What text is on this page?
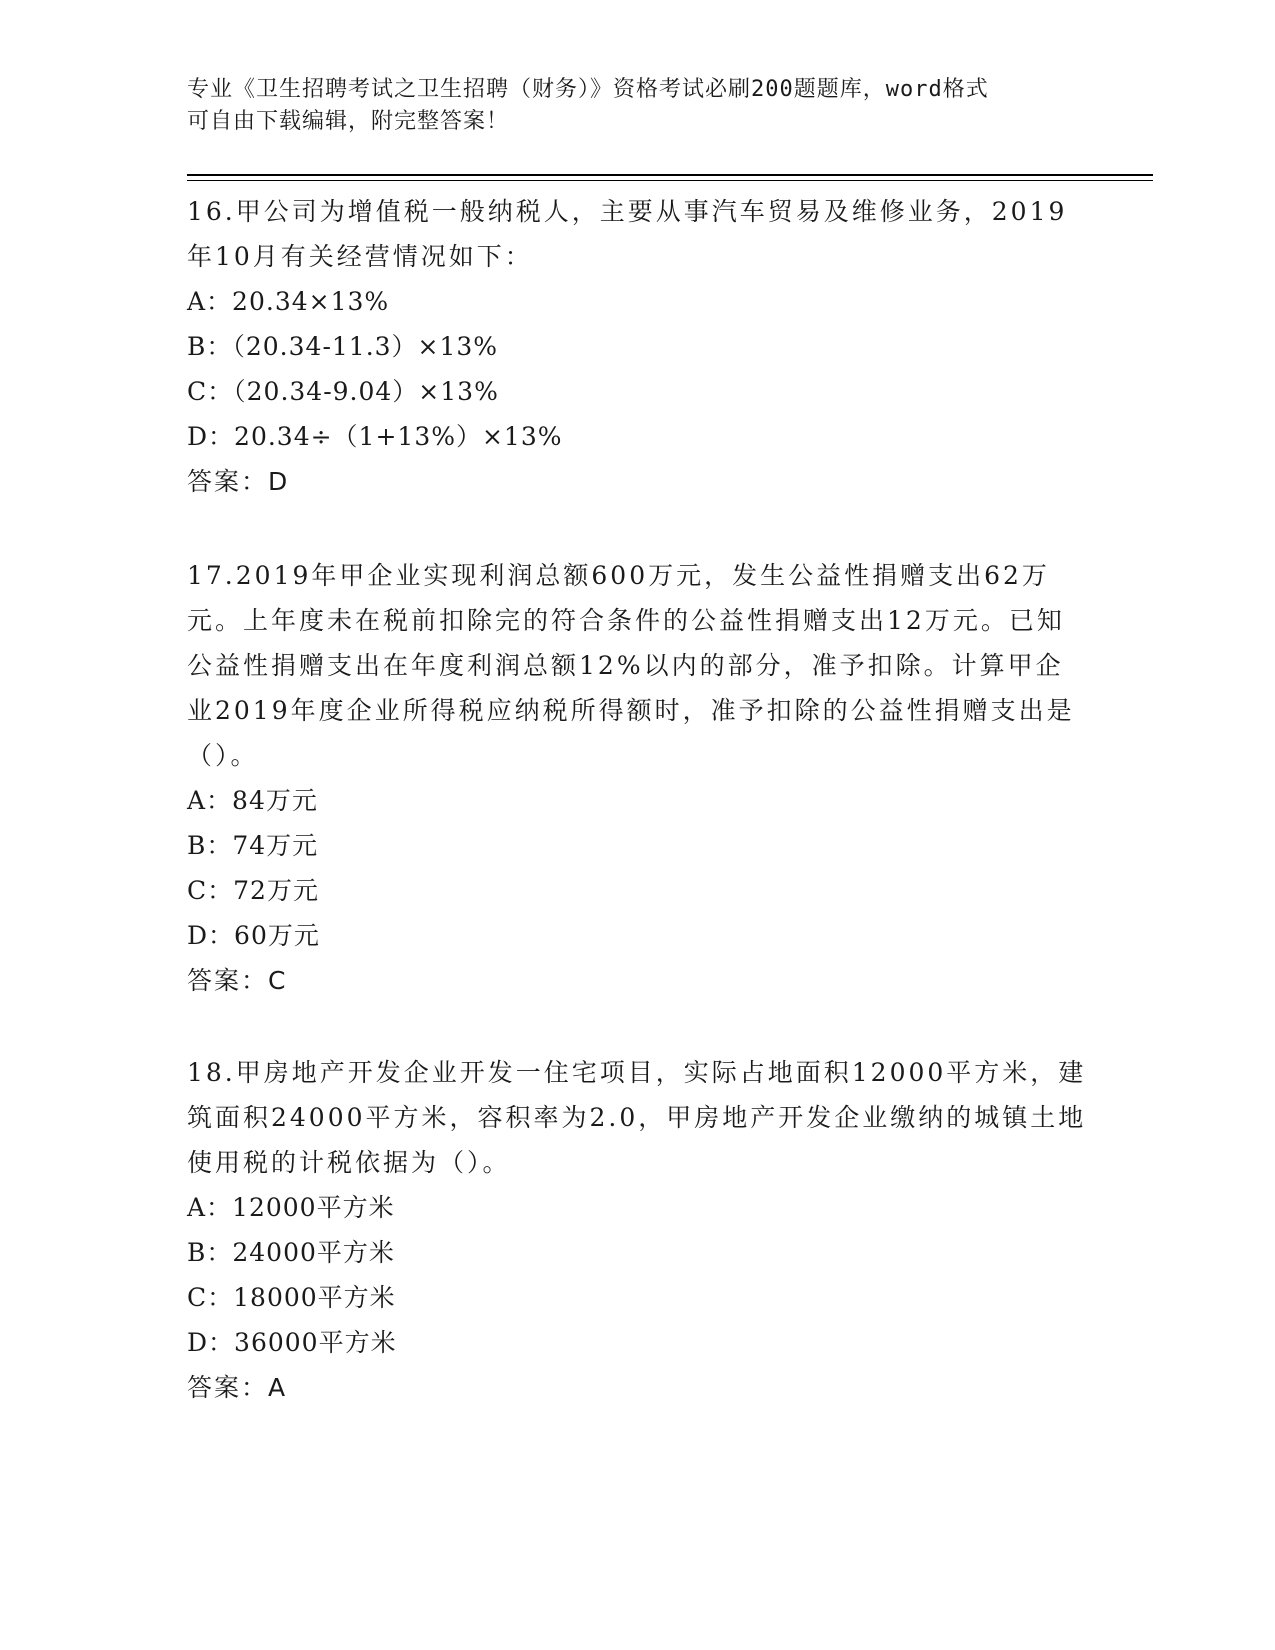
专业《卫生招聘考试之卫生招聘（财务）》资格考试必刷200题题库，word格式
可自由下载编辑，附完整答案！

16.甲公司为增值税一般纳税人，主要从事汽车贸易及维修业务，2019年10月有关经营情况如下：

A：20.34×13%

B：（20.34-11.3）×13%

C：（20.34-9.04）×13%

D：20.34÷（1+13%）×13%

答案：D

17.2019年甲企业实现利润总额600万元，发生公益性捐赠支出62万元。上年度未在税前扣除完的符合条件的公益性捐赠支出12万元。已知公益性捐赠支出在年度利润总额12%以内的部分，准予扣除。计算甲企业2019年度企业所得税应纳税所得额时，准予扣除的公益性捐赠支出是（）。

A：84万元

B：74万元

C：72万元

D：60万元

答案：C

18.甲房地产开发企业开发一住宅项目，实际占地面积12000平方米，建筑面积24000平方米，容积率为2.0，甲房地产开发企业缴纳的城镇土地使用税的计税依据为（）。

A：12000平方米

B：24000平方米

C：18000平方米

D：36000平方米

答案：A
